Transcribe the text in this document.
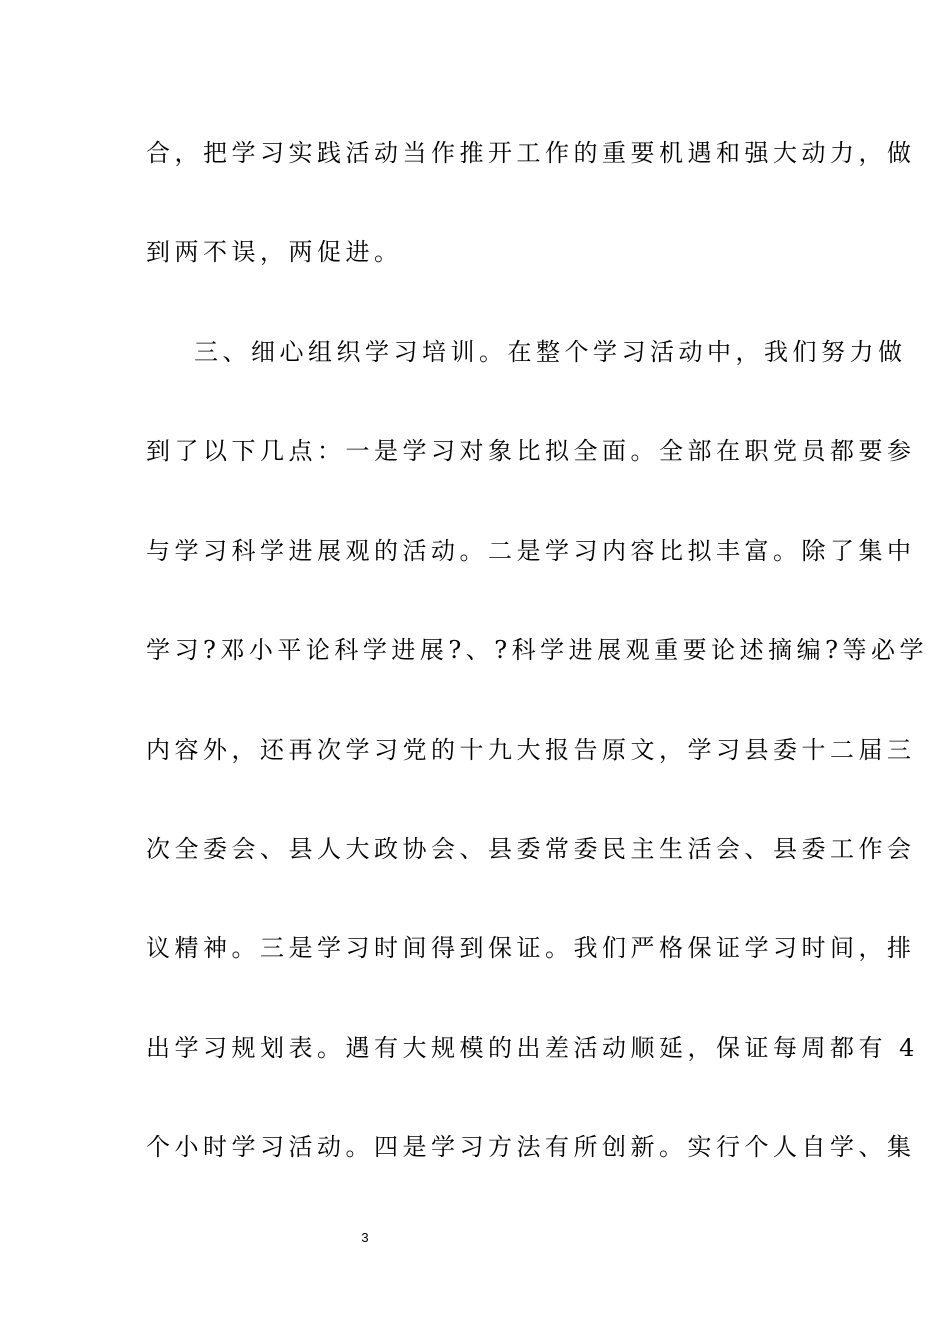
合，把学习实践活动当作推开工作的重要机遇和强大动力，做
到两不误，两促进。
三、细心组织学习培训。在整个学习活动中，我们努力做
到了以下几点：一是学习对象比拟全面。全部在职党员都要参
与学习科学进展观的活动。二是学习内容比拟丰富。除了集中
学习?邓小平论科学进展?、?科学进展观重要论述摘编?等必学
内容外，还再次学习党的十九大报告原文，学习县委十二届三
次全委会、县人大政协会、县委常委民主生活会、县委工作会
议精神。三是学习时间得到保证。我们严格保证学习时间，排
出学习规划表。遇有大规模的出差活动顺延，保证每周都有 4
个小时学习活动。四是学习方法有所创新。实行个人自学、集
3
